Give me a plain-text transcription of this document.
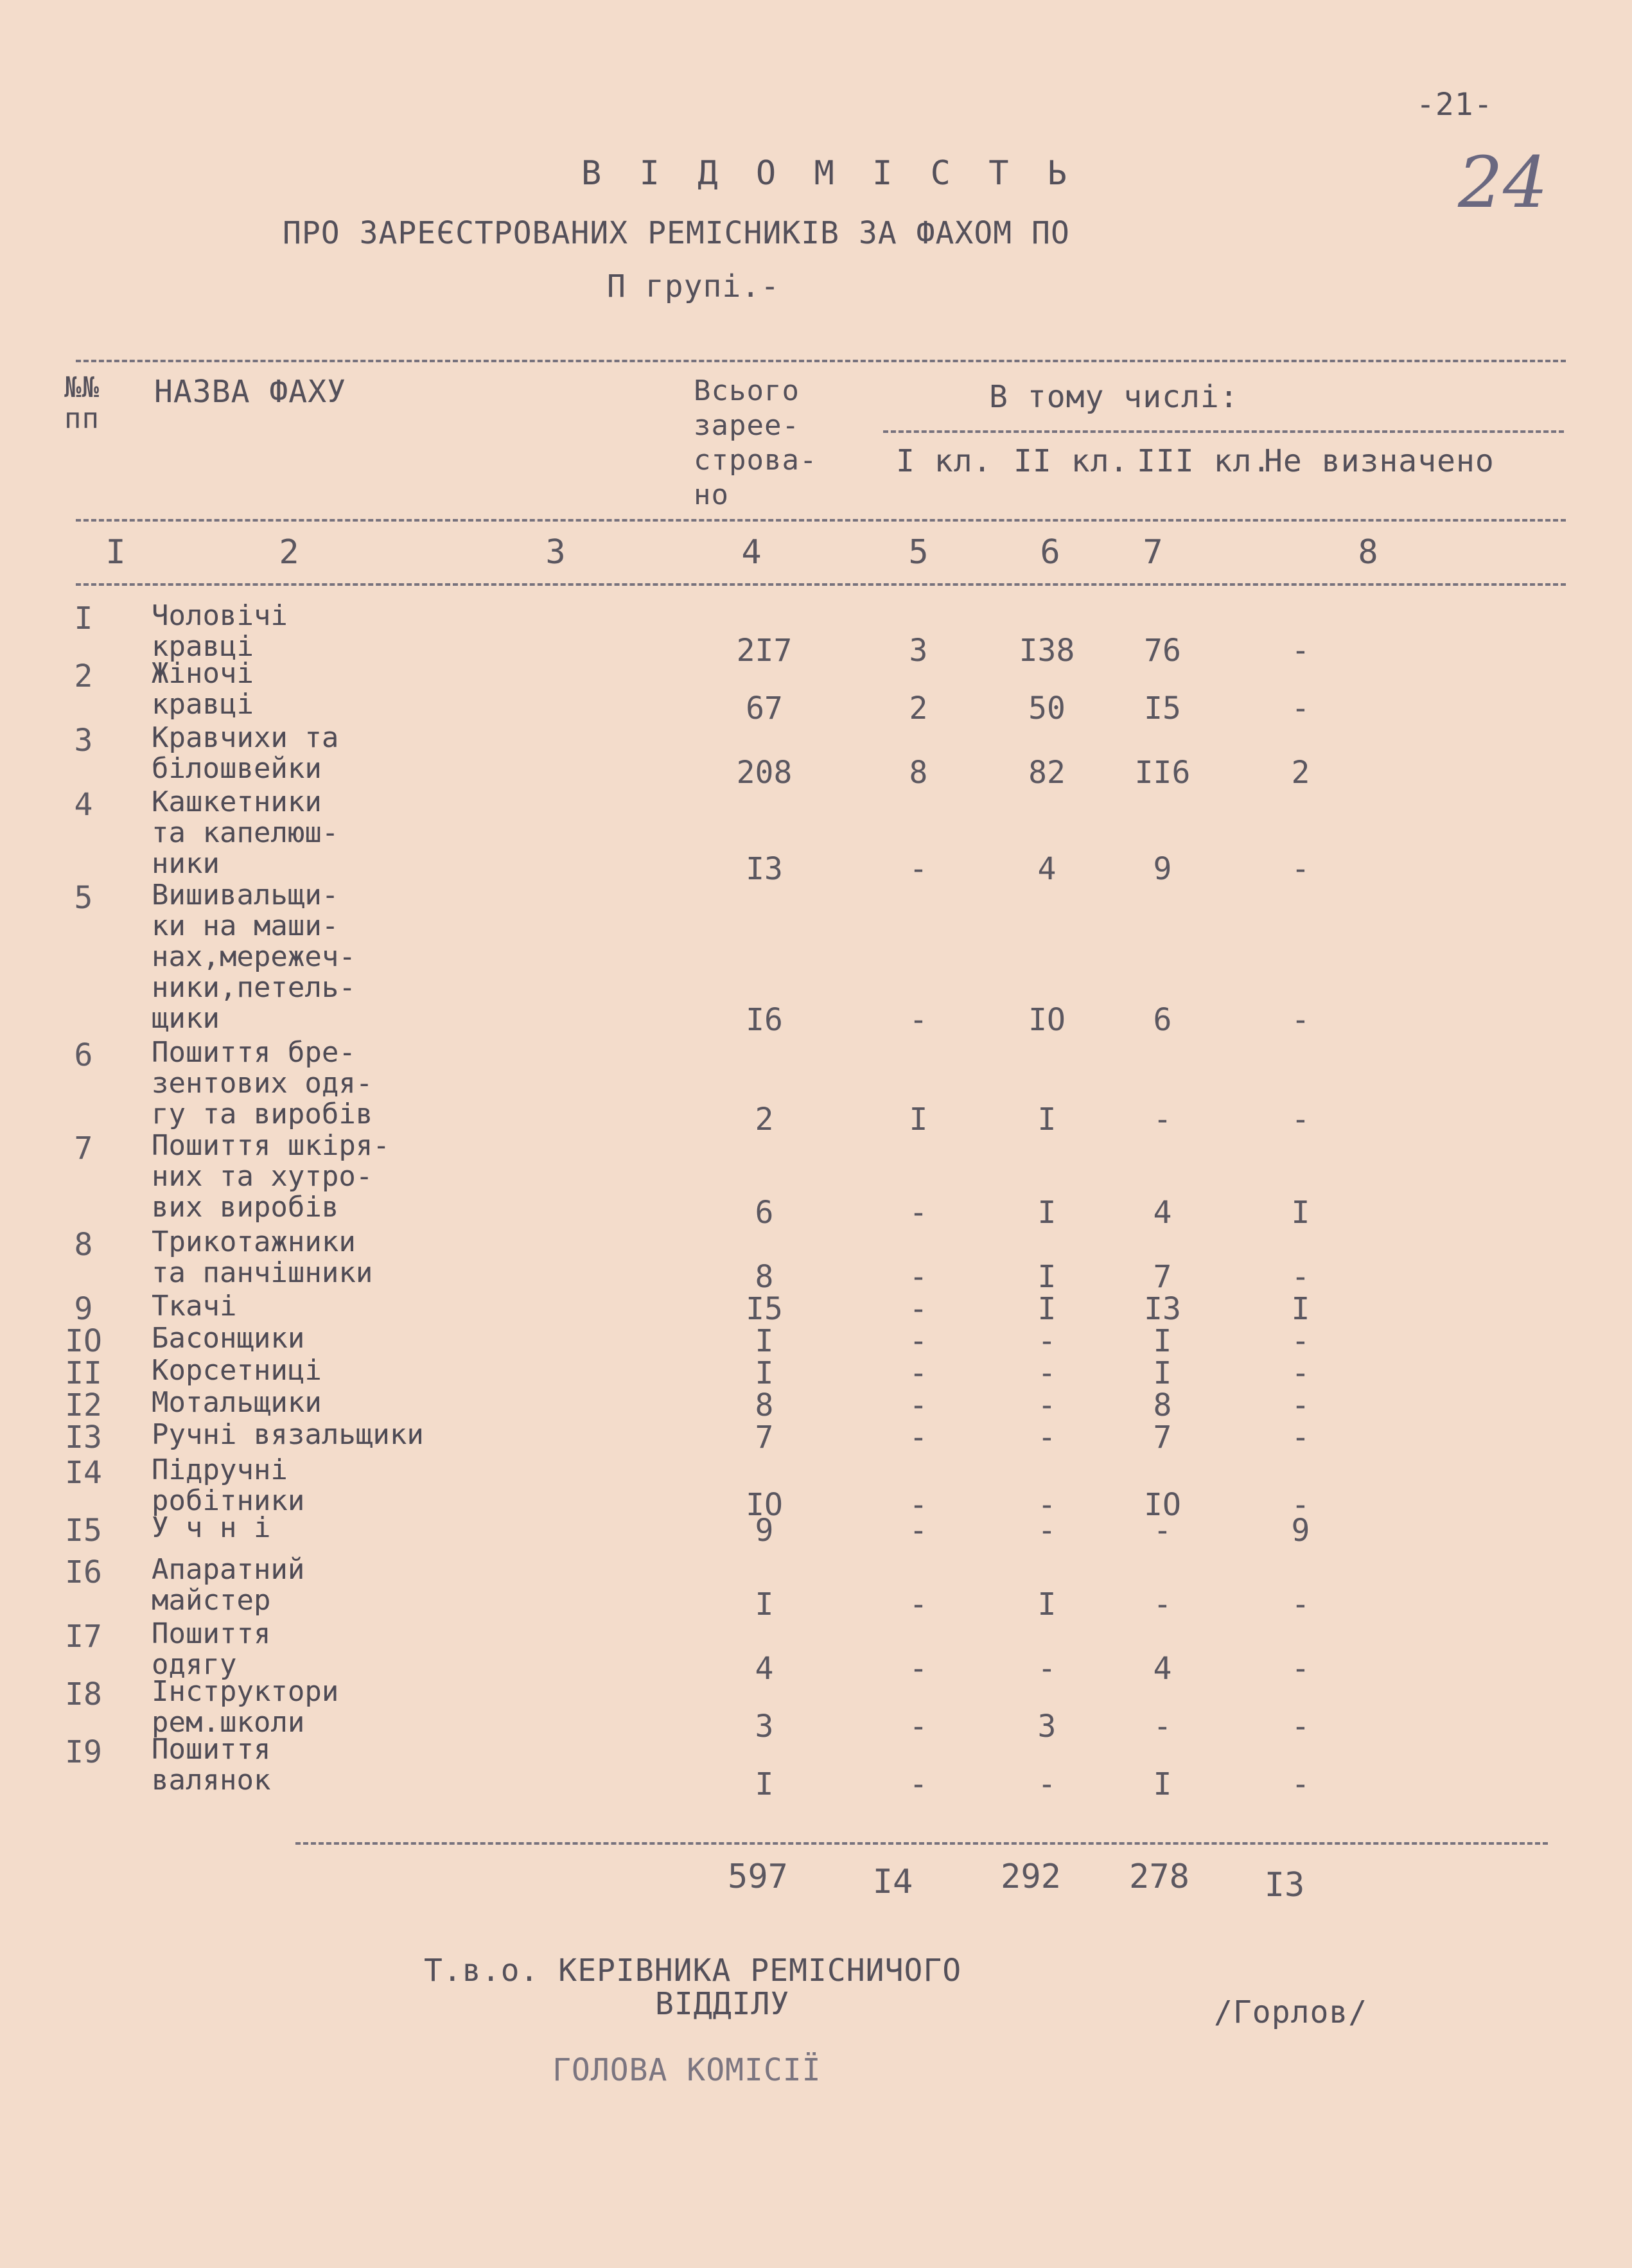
-21-
24
В І Д О М І С Т Ь
ПРО ЗАРЕЄСТРОВАНИХ РЕМІСНИКІВ ЗА ФАХОМ ПО
П групі.-
№№
пп
НАЗВА ФАХУ	Всього
зарее-
строва-
но
В тому числі:
І кл. ІІ кл. ІІІ кл.
Не визначено
І	2	3	4	5	6	7	8
І	Чоловічі
кравці	2І7	3	І38	76	-
2	Жіночі
кравці	67	2	50	І5	-
3	Кравчихи та
білошвейки	208	8	82	ІІ6	2
4	Кашкетники
та капелюш-
ники	ІЗ	-	4	9	-
5	Вишивальщи-
ки на маши-
нах,мережеч-
ники,петель-
щики	І6	-	ІО	6	-
6	Пошиття бре-
зентових одя-
гу та виробів	2	І	І	-	-
7	Пошиття шкіря-
них та хутро-
вих виробів	6	-	І	4	І
8	Трикотажники
та панчішники	8	-	І	7	-
9	Ткачі	І5	-	І	ІЗ	І
ІО	Басонщики	І	-	-	І	-
ІІ	Корсетниці	І	-	-	І	-
І2	Мотальщики	8	-	-	8	-
ІЗ	Ручні вязальщики	7	-	-	7	-
І4	Підручні
робітники	ІО	-	-	ІО	-
І5	У ч н і	9	-	-	-	9
І6	Апаратний
майстер	І	-	І	-	-
І7	Пошиття
одягу	4	-	-	4	-
І8	Інструктори
рем.школи	3	-	3	-	-
І9	Пошиття
валянок	І	-	-	І	-
597	І4	292 278	ІЗ
Т.в.о. КЕРІВНИКА РЕМІСНИЧОГО
ВІДДІЛУ	/Горлов/
ГОЛОВА КОМІСІЇ
